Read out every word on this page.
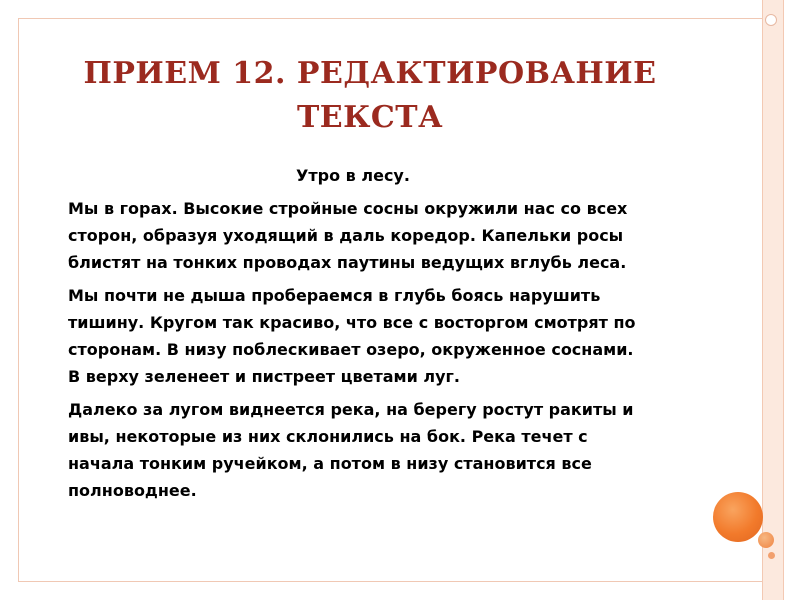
ПРИЕМ 12. РЕДАКТИРОВАНИЕ
ТЕКСТА

Утро в лесу.

Мы в горах. Высокие стройные сосны окружили нас со всех
сторон, образуя уходящий в даль коредор. Капельки росы
блистят на тонких проводах паутины ведущих вглубь леса.

Мы почти не дыша пробераемся в глубь боясь нарушить
тишину. Кругом так красиво, что все с восторгом смотрят по
сторонам. В низу поблескивает озеро, окруженное соснами.
В верху зеленеет и пистреет цветами луг.

Далеко за лугом виднеется река, на берегу ростут ракиты и
ивы, некоторые из них склонились на бок. Река течет с
начала тонким ручейком, а потом в низу становится все
полноводнее.
